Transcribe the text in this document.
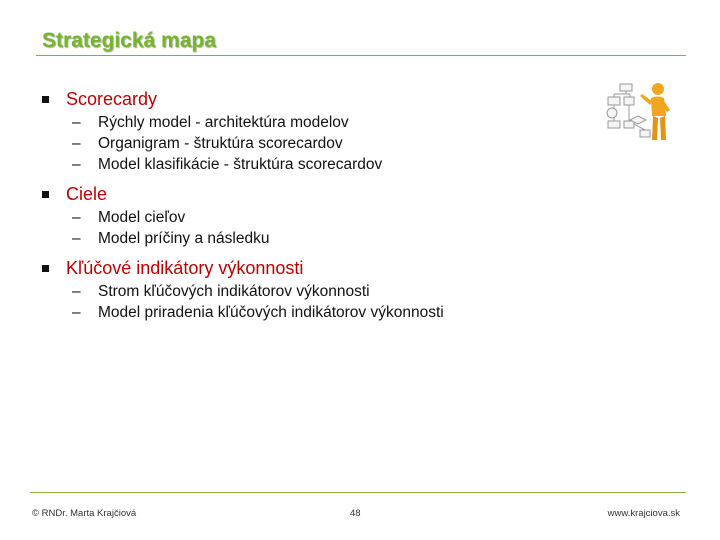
Strategická mapa
Scorecardy
–	Rýchly model - architektúra modelov
–	Organigram - štruktúra scorecardov
–	Model klasifikácie - štruktúra scorecardov
Ciele
–	Model cieľov
–	Model príčiny a následku
Kľúčové indikátory výkonnosti
–	Strom kľúčových indikátorov výkonnosti
–	Model priradenia kľúčových indikátorov výkonnosti
© RNDr. Marta Krajčiová	48	www.krajciova.sk
